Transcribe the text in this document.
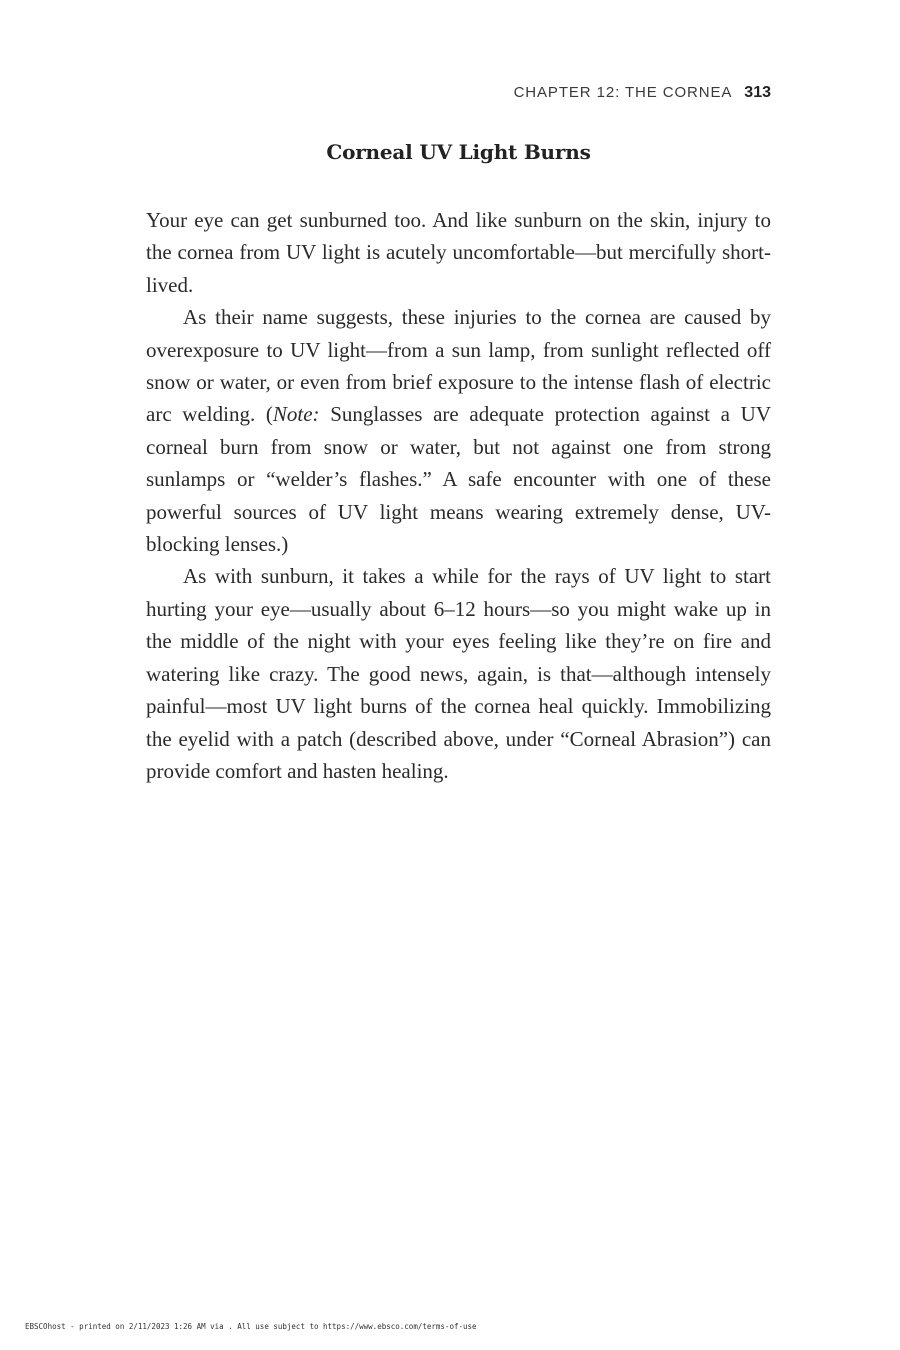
CHAPTER 12: THE CORNEA 313
Corneal UV Light Burns

Your eye can get sunburned too. And like sunburn on the skin, injury to the cornea from UV light is acutely uncomfortable—but mercifully short-lived.

As their name suggests, these injuries to the cornea are caused by overexposure to UV light—from a sun lamp, from sunlight reflected off snow or water, or even from brief exposure to the intense flash of electric arc welding. (Note: Sunglasses are adequate protection against a UV corneal burn from snow or water, but not against one from strong sunlamps or “welder’s flashes.” A safe encounter with one of these powerful sources of UV light means wearing extremely dense, UV-blocking lenses.)

As with sunburn, it takes a while for the rays of UV light to start hurting your eye—usually about 6–12 hours—so you might wake up in the middle of the night with your eyes feeling like they’re on fire and watering like crazy. The good news, again, is that—although intensely painful—most UV light burns of the cornea heal quickly. Immobilizing the eyelid with a patch (described above, under “Corneal Abrasion”) can provide comfort and hasten healing.

EBSCOhost - printed on 2/11/2023 1:26 AM via . All use subject to https://www.ebsco.com/terms-of-use
